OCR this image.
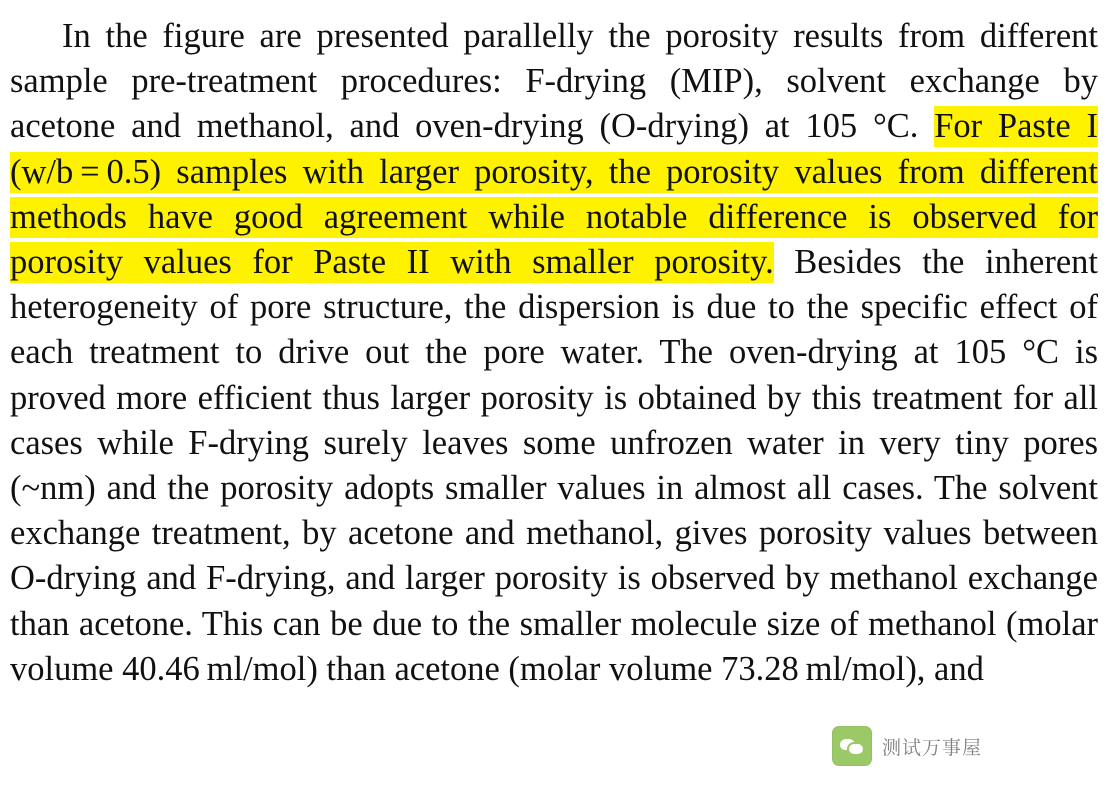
In the figure are presented parallelly the porosity results from different sample pre-treatment procedures: F-drying (MIP), solvent exchange by acetone and methanol, and oven-drying (O-drying) at 105 °C. For Paste I (w/b = 0.5) samples with larger porosity, the porosity values from different methods have good agreement while notable difference is observed for porosity values for Paste II with smaller porosity. Besides the inherent heterogeneity of pore structure, the dispersion is due to the specific effect of each treatment to drive out the pore water. The oven-drying at 105 °C is proved more efficient thus larger porosity is obtained by this treatment for all cases while F-drying surely leaves some unfrozen water in very tiny pores (~nm) and the porosity adopts smaller values in almost all cases. The solvent exchange treatment, by acetone and methanol, gives porosity values between O-drying and F-drying, and larger porosity is observed by methanol exchange than acetone. This can be due to the smaller molecule size of methanol (molar volume 40.46 ml/mol) than acetone (molar volume 73.28 ml/mol), and
测试万事屋
